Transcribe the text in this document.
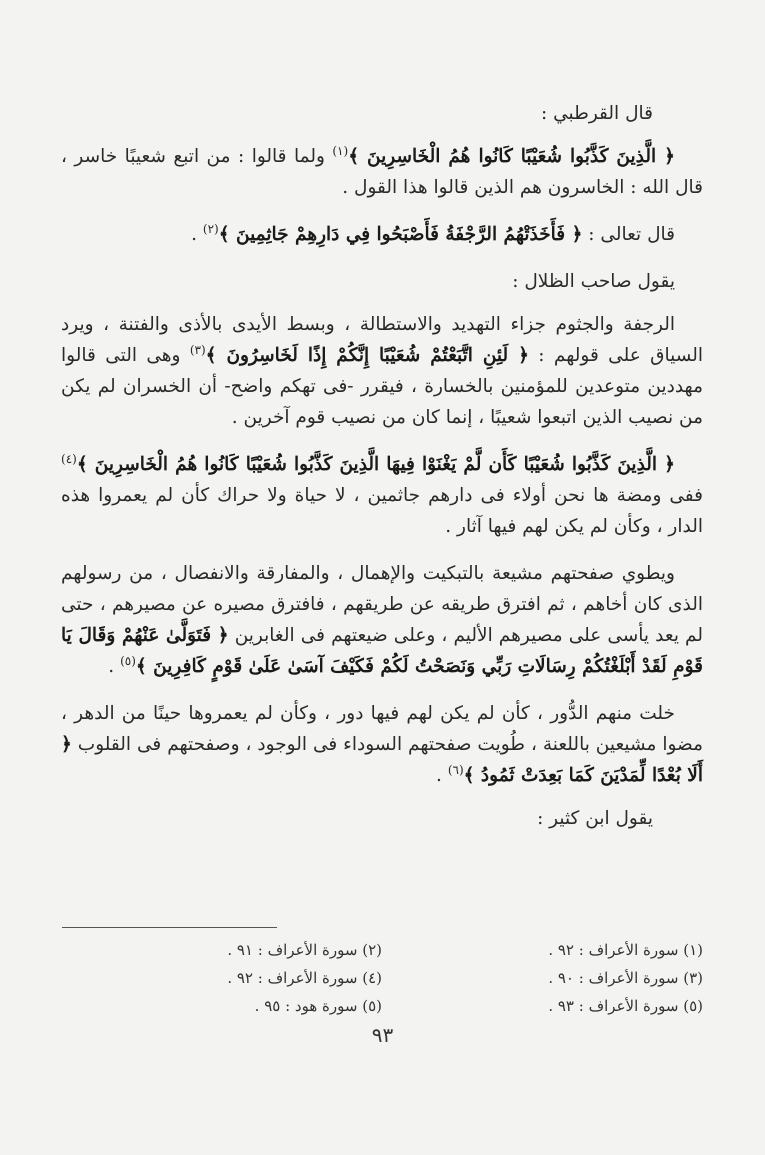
قال القرطبي :

﴿ الَّذِينَ كَذَّبُوا شُعَيْبًا كَانُوا هُمُ الْخَاسِرِينَ ﴾$^{(١)}$ ولما قالوا : من اتبع شعيبًا خاسر ، قال الله : الخاسرون هم الذين قالوا هذا القول .

قال تعالى : ﴿ فَأَخَذَتْهُمُ الرَّجْفَةُ فَأَصْبَحُوا فِي دَارِهِمْ جَاثِمِينَ ﴾$^{(٢)}$ .

يقول صاحب الظلال :

الرجفة والجثوم جزاء التهديد والاستطالة ، وبسط الأيدى بالأذى والفتنة ، ويرد السياق على قولهم : ﴿ لَئِنِ اتَّبَعْتُمْ شُعَيْبًا إِنَّكُمْ إِذًا لَخَاسِرُونَ ﴾$^{(٣)}$ وهى التى قالوا مهددين متوعدين للمؤمنين بالخسارة ، فيقرر -فى تهكم واضح- أن الخسران لم يكن من نصيب الذين اتبعوا شعيبًا ، إنما كان من نصيب قوم آخرين .

﴿ الَّذِينَ كَذَّبُوا شُعَيْبًا كَأَن لَّمْ يَغْنَوْا فِيهَا الَّذِينَ كَذَّبُوا شُعَيْبًا كَانُوا هُمُ الْخَاسِرِينَ ﴾$^{(٤)}$ ففى ومضة ها نحن أولاء فى دارهم جاثمين ، لا حياة ولا حراك كأن لم يعمروا هذه الدار ، وكأن لم يكن لهم فيها آثار .

ويطوي صفحتهم مشيعة بالتبكيت والإهمال ، والمفارقة والانفصال ، من رسولهم الذى كان أخاهم ، ثم افترق طريقه عن طريقهم ، فافترق مصيره عن مصيرهم ، حتى لم يعد يأسى على مصيرهم الأليم ، وعلى ضيعتهم فى الغابرين ﴿ فَتَوَلَّىٰ عَنْهُمْ وَقَالَ يَا قَوْمِ لَقَدْ أَبْلَغْتُكُمْ رِسَالَاتِ رَبِّي وَنَصَحْتُ لَكُمْ فَكَيْفَ آسَىٰ عَلَىٰ قَوْمٍ كَافِرِينَ ﴾$^{(٥)}$ .

خلت منهم الدُّور ، كأن لم يكن لهم فيها دور ، وكأن لم يعمروها حينًا من الدهر ، مضوا مشيعين باللعنة ، طُويت صفحتهم السوداء فى الوجود ، وصفحتهم فى القلوب ﴿ أَلَا بُعْدًا لِّمَدْيَنَ كَمَا بَعِدَتْ ثَمُودُ ﴾$^{(٦)}$ .

يقول ابن كثير :

(١) سورة الأعراف : ٩٢ .
(٢) سورة الأعراف : ٩١ .
(٣) سورة الأعراف : ٩٠ .
(٤) سورة الأعراف : ٩٢ .
(٥) سورة الأعراف : ٩٣ .
(٥) سورة هود : ٩٥ .
٩٣
